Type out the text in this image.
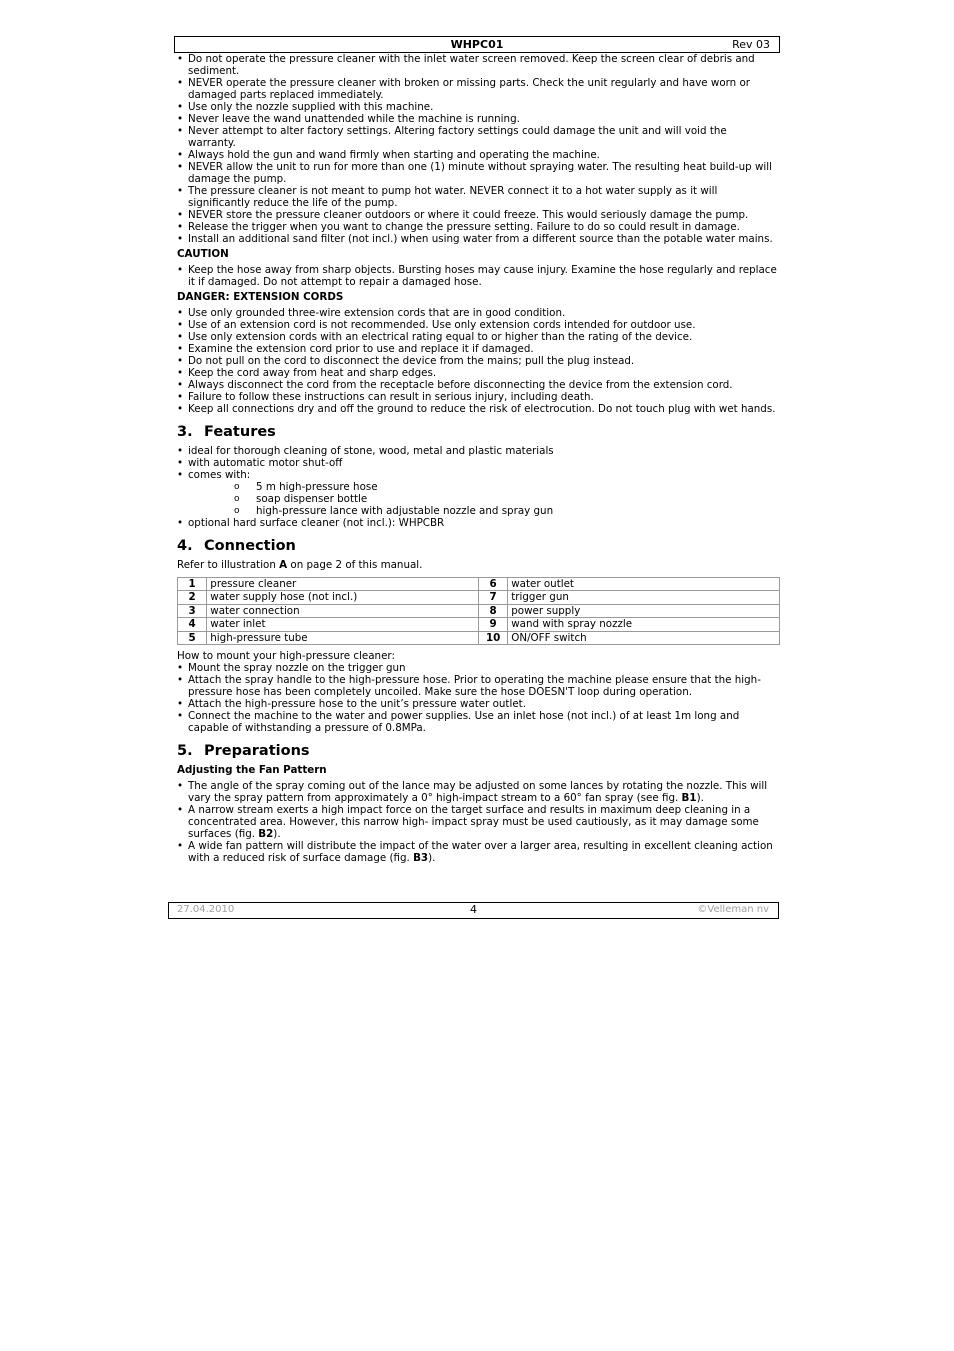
WHPC01	Rev 03
• Do not operate the pressure cleaner with the inlet water screen removed. Keep the screen clear of debris and sediment.
• NEVER operate the pressure cleaner with broken or missing parts. Check the unit regularly and have worn or damaged parts replaced immediately.
• Use only the nozzle supplied with this machine.
• Never leave the wand unattended while the machine is running.
• Never attempt to alter factory settings. Altering factory settings could damage the unit and will void the warranty.
• Always hold the gun and wand firmly when starting and operating the machine.
• NEVER allow the unit to run for more than one (1) minute without spraying water. The resulting heat build-up will damage the pump.
• The pressure cleaner is not meant to pump hot water. NEVER connect it to a hot water supply as it will significantly reduce the life of the pump.
• NEVER store the pressure cleaner outdoors or where it could freeze. This would seriously damage the pump.
• Release the trigger when you want to change the pressure setting. Failure to do so could result in damage.
• Install an additional sand filter (not incl.) when using water from a different source than the potable water mains.
CAUTION
• Keep the hose away from sharp objects. Bursting hoses may cause injury. Examine the hose regularly and replace it if damaged. Do not attempt to repair a damaged hose.
DANGER: EXTENSION CORDS
• Use only grounded three-wire extension cords that are in good condition.
• Use of an extension cord is not recommended. Use only extension cords intended for outdoor use.
• Use only extension cords with an electrical rating equal to or higher than the rating of the device.
• Examine the extension cord prior to use and replace it if damaged.
• Do not pull on the cord to disconnect the device from the mains; pull the plug instead.
• Keep the cord away from heat and sharp edges.
• Always disconnect the cord from the receptacle before disconnecting the device from the extension cord.
• Failure to follow these instructions can result in serious injury, including death.
• Keep all connections dry and off the ground to reduce the risk of electrocution. Do not touch plug with wet hands.
3. Features
• ideal for thorough cleaning of stone, wood, metal and plastic materials
• with automatic motor shut-off
• comes with:
o 5 m high-pressure hose
o soap dispenser bottle
o high-pressure lance with adjustable nozzle and spray gun
• optional hard surface cleaner (not incl.): WHPCBR
4. Connection

Refer to illustration A on page 2 of this manual.

1	pressure cleaner	6	water outlet
2	water supply hose (not incl.)	7	trigger gun
3	water connection	8	power supply
4	water inlet	9	wand with spray nozzle
5	high-pressure tube	10	ON/OFF switch

How to mount your high-pressure cleaner:

• Mount the spray nozzle on the trigger gun
• Attach the spray handle to the high-pressure hose. Prior to operating the machine please ensure that the high-pressure hose has been completely uncoiled. Make sure the hose DOESN'T loop during operation.
• Attach the high-pressure hose to the unit’s pressure water outlet.
• Connect the machine to the water and power supplies. Use an inlet hose (not incl.) of at least 1m long and capable of withstanding a pressure of 0.8MPa.
5. Preparations
Adjusting the Fan Pattern
• The angle of the spray coming out of the lance may be adjusted on some lances by rotating the nozzle. This will vary the spray pattern from approximately a 0° high-impact stream to a 60° fan spray (see fig. B1).
• A narrow stream exerts a high impact force on the target surface and results in maximum deep cleaning in a concentrated area. However, this narrow high- impact spray must be used cautiously, as it may damage some surfaces (fig. B2).
• A wide fan pattern will distribute the impact of the water over a larger area, resulting in excellent cleaning action with a reduced risk of surface damage (fig. B3).
27.04.2010	4	©Velleman nv
